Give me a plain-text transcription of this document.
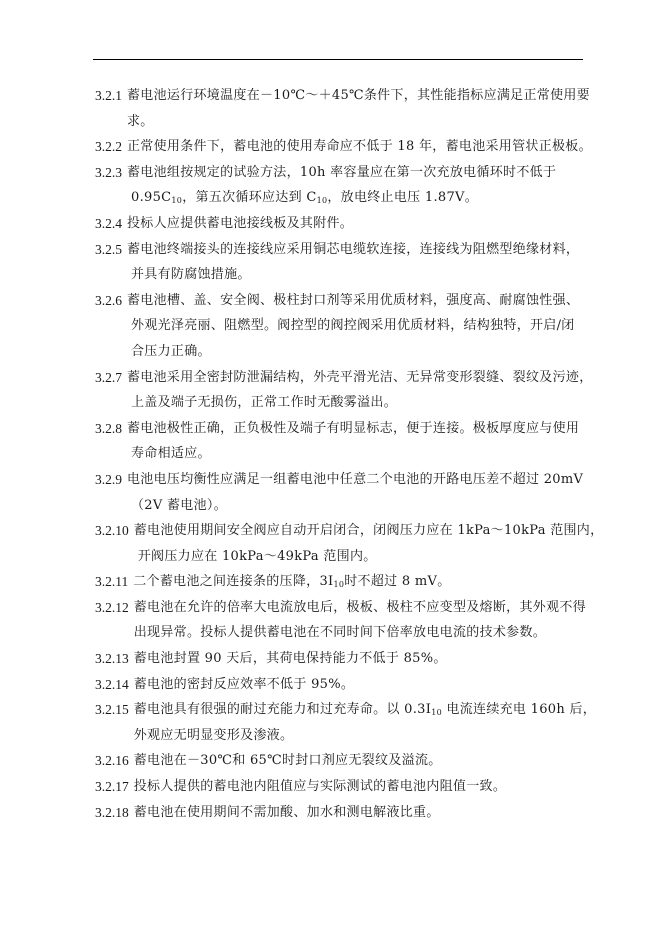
3.2.1 蓄电池运行环境温度在－10℃～＋45℃条件下，其性能指标应满足正常使用要
求。
3.2.2 正常使用条件下，蓄电池的使用寿命应不低于 18 年，蓄电池采用管状正极板。
3.2.3 蓄电池组按规定的试验方法，10h 率容量应在第一次充放电循环时不低于
$0.95C_{10}$，第五次循环应达到 $C_{10}$，放电终止电压 1.87V。
3.2.4 投标人应提供蓄电池接线板及其附件。
3.2.5 蓄电池终端接头的连接线应采用铜芯电缆软连接，连接线为阻燃型绝缘材料，
并具有防腐蚀措施。
3.2.6 蓄电池槽、盖、安全阀、极柱封口剂等采用优质材料，强度高、耐腐蚀性强、
外观光泽亮丽、阻燃型。阀控型的阀控阀采用优质材料，结构独特，开启/闭
合压力正确。
3.2.7 蓄电池采用全密封防泄漏结构，外壳平滑光洁、无异常变形裂缝、裂纹及污迹，
上盖及端子无损伤，正常工作时无酸雾溢出。
3.2.8 蓄电池极性正确，正负极性及端子有明显标志，便于连接。极板厚度应与使用
寿命相适应。
3.2.9 电池电压均衡性应满足一组蓄电池中任意二个电池的开路电压差不超过 20mV
（2V 蓄电池）。
3.2.10 蓄电池使用期间安全阀应自动开启闭合，闭阀压力应在 1kPa～10kPa 范围内，
开阀压力应在 10kPa～49kPa 范围内。
3.2.11 二个蓄电池之间连接条的压降，$3I_{10}$时不超过 8 mV。
3.2.12 蓄电池在允许的倍率大电流放电后，极板、极柱不应变型及熔断，其外观不得
出现异常。投标人提供蓄电池在不同时间下倍率放电电流的技术参数。
3.2.13 蓄电池封置 90 天后，其荷电保持能力不低于 85%。
3.2.14 蓄电池的密封反应效率不低于 95%。
3.2.15 蓄电池具有很强的耐过充能力和过充寿命。以 $0.3I_{10}$ 电流连续充电 160h 后，
外观应无明显变形及渗液。
3.2.16 蓄电池在－30℃和 65℃时封口剂应无裂纹及溢流。
3.2.17 投标人提供的蓄电池内阻值应与实际测试的蓄电池内阻值一致。
3.2.18 蓄电池在使用期间不需加酸、加水和测电解液比重。
